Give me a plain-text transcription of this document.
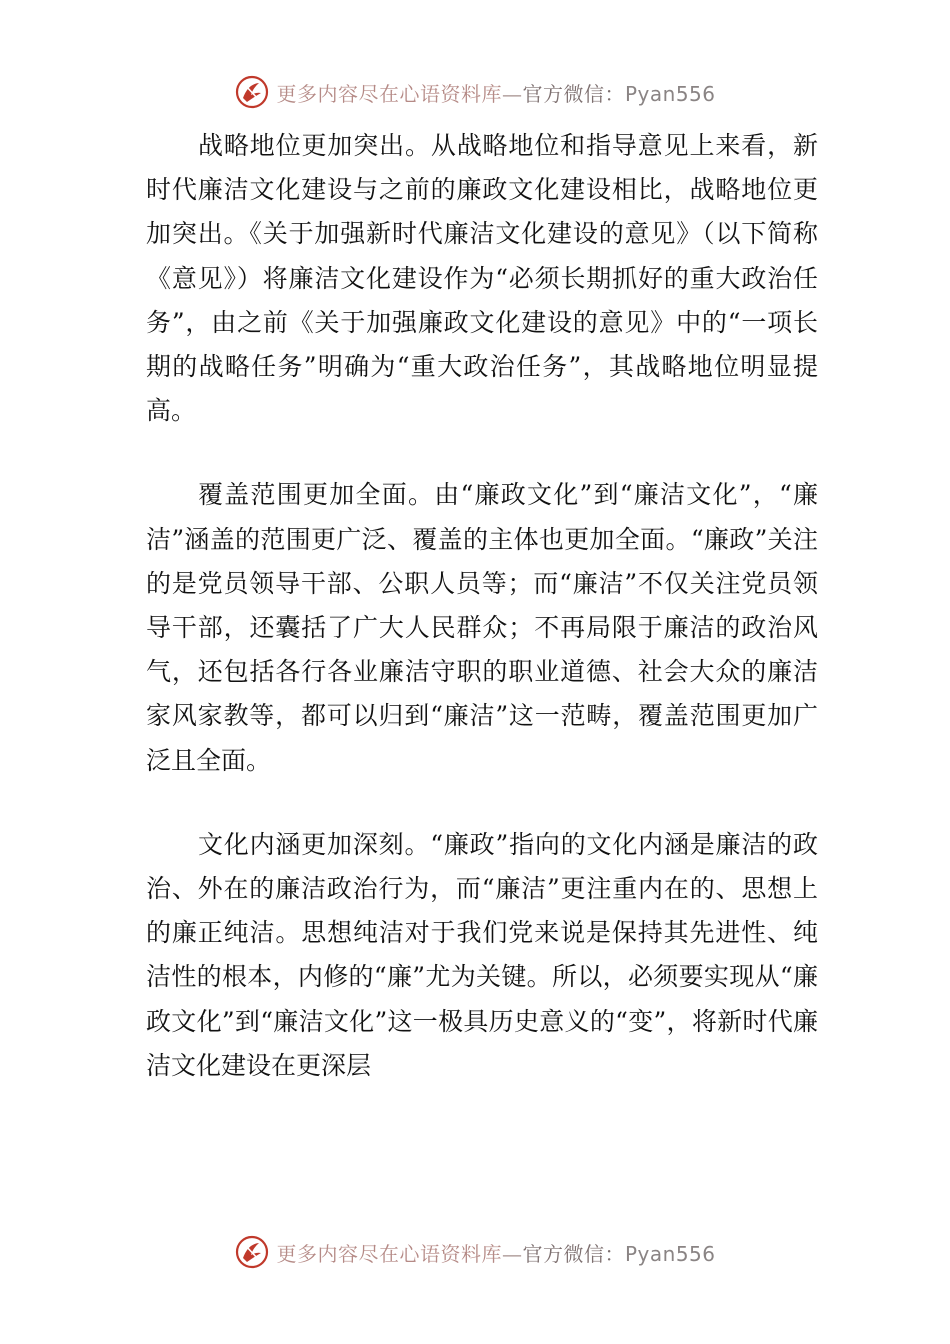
更多内容尽在心语资料库—官方微信：Pyan556

战略地位更加突出。从战略地位和指导意见上来看，新时代廉洁文化建设与之前的廉政文化建设相比，战略地位更加突出。《关于加强新时代廉洁文化建设的意见》（以下简称《意见》）将廉洁文化建设作为“必须长期抓好的重大政治任务”，由之前《关于加强廉政文化建设的意见》中的“一项长期的战略任务”明确为“重大政治任务”，其战略地位明显提高。

覆盖范围更加全面。由“廉政文化”到“廉洁文化”，“廉洁”涵盖的范围更广泛、覆盖的主体也更加全面。“廉政”关注的是党员领导干部、公职人员等；而“廉洁”不仅关注党员领导干部，还囊括了广大人民群众；不再局限于廉洁的政治风气，还包括各行各业廉洁守职的职业道德、社会大众的廉洁家风家教等，都可以归到“廉洁”这一范畴，覆盖范围更加广泛且全面。

文化内涵更加深刻。“廉政”指向的文化内涵是廉洁的政治、外在的廉洁政治行为，而“廉洁”更注重内在的、思想上的廉正纯洁。思想纯洁对于我们党来说是保持其先进性、纯洁性的根本，内修的“廉”尤为关键。所以，必须要实现从“廉政文化”到“廉洁文化”这一极具历史意义的“变”，将新时代廉洁文化建设在更深层

更多内容尽在心语资料库—官方微信：Pyan556
